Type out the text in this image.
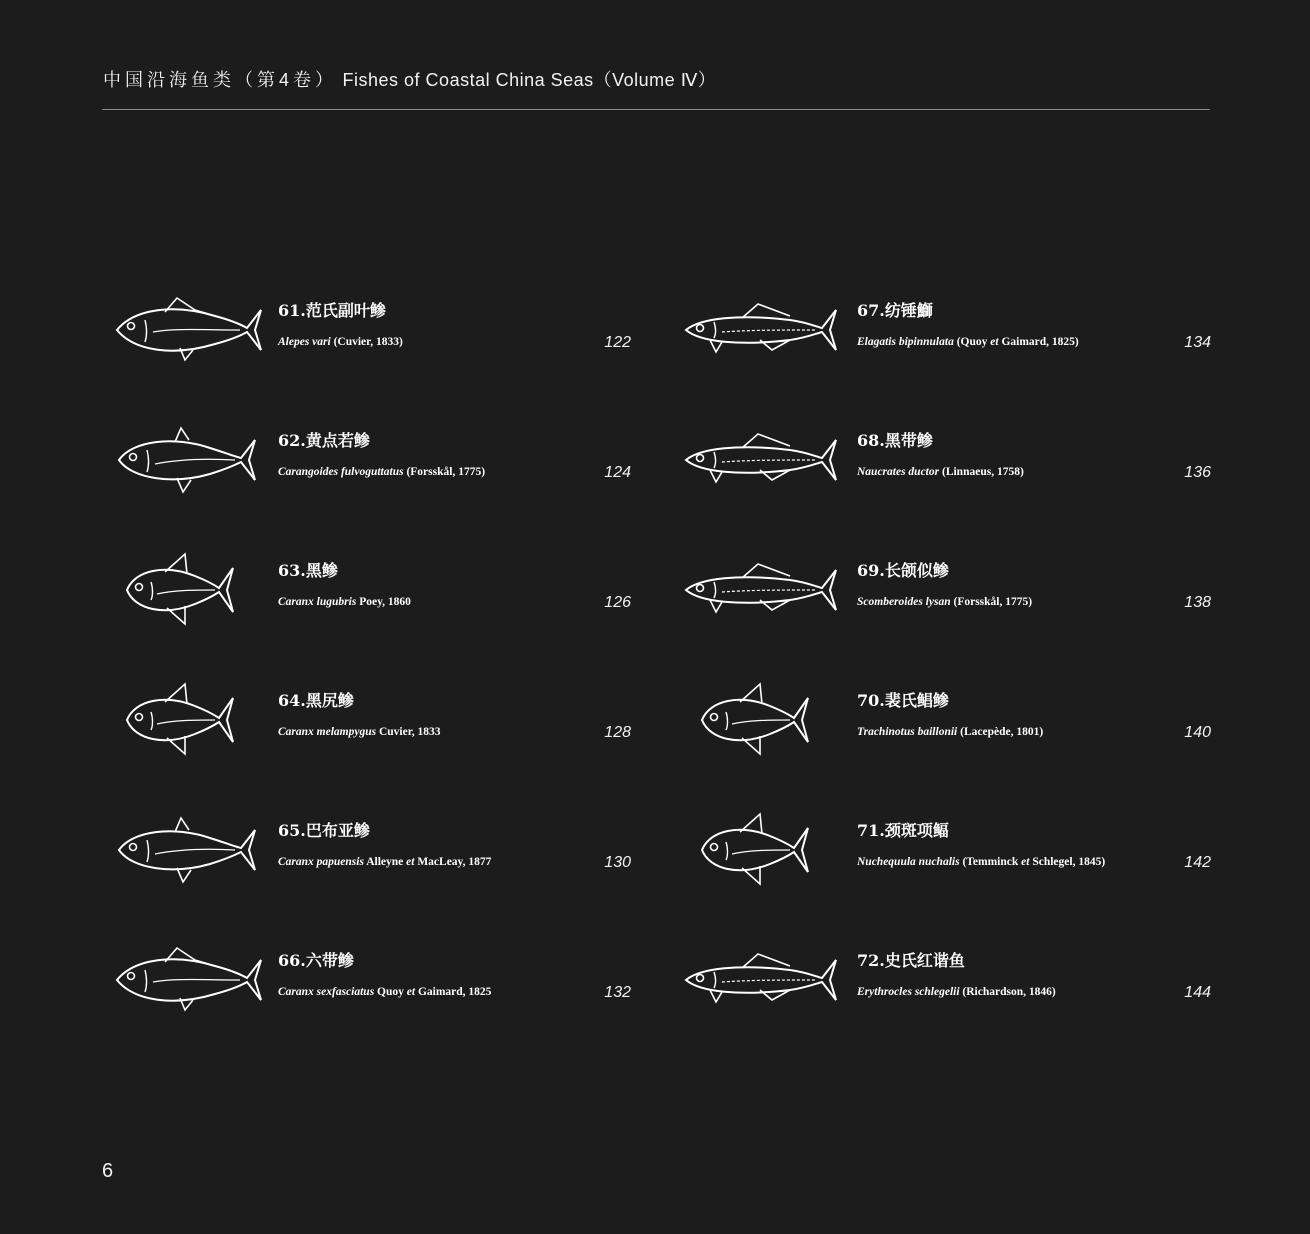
中国沿海鱼类（第4卷） Fishes of Coastal China Seas（Volume Ⅳ）
61.范氏副叶鲹
Alepes vari (Cuvier, 1833)	122
62.黄点若鲹
Carangoides fulvoguttatus (Forsskål, 1775)	124
63.黑鲹
Caranx lugubris Poey, 1860	126
64.黑尻鲹
Caranx melampygus Cuvier, 1833	128
65.巴布亚鲹
Caranx papuensis Alleyne et MacLeay, 1877	130
66.六带鲹
Caranx sexfasciatus Quoy et Gaimard, 1825	132
67.纺锤鰤
Elagatis bipinnulata (Quoy et Gaimard, 1825)	134
68.黑带鲹
Naucrates ductor (Linnaeus, 1758)	136
69.长颌似鲹
Scomberoides lysan (Forsskål, 1775)	138
70.裴氏鲳鲹
Trachinotus baillonii (Lacepède, 1801)	140
71.颈斑项鲾
Nuchequula nuchalis (Temminck et Schlegel, 1845)	142
72.史氏红谐鱼
Erythrocles schlegelii (Richardson, 1846)	144
6
